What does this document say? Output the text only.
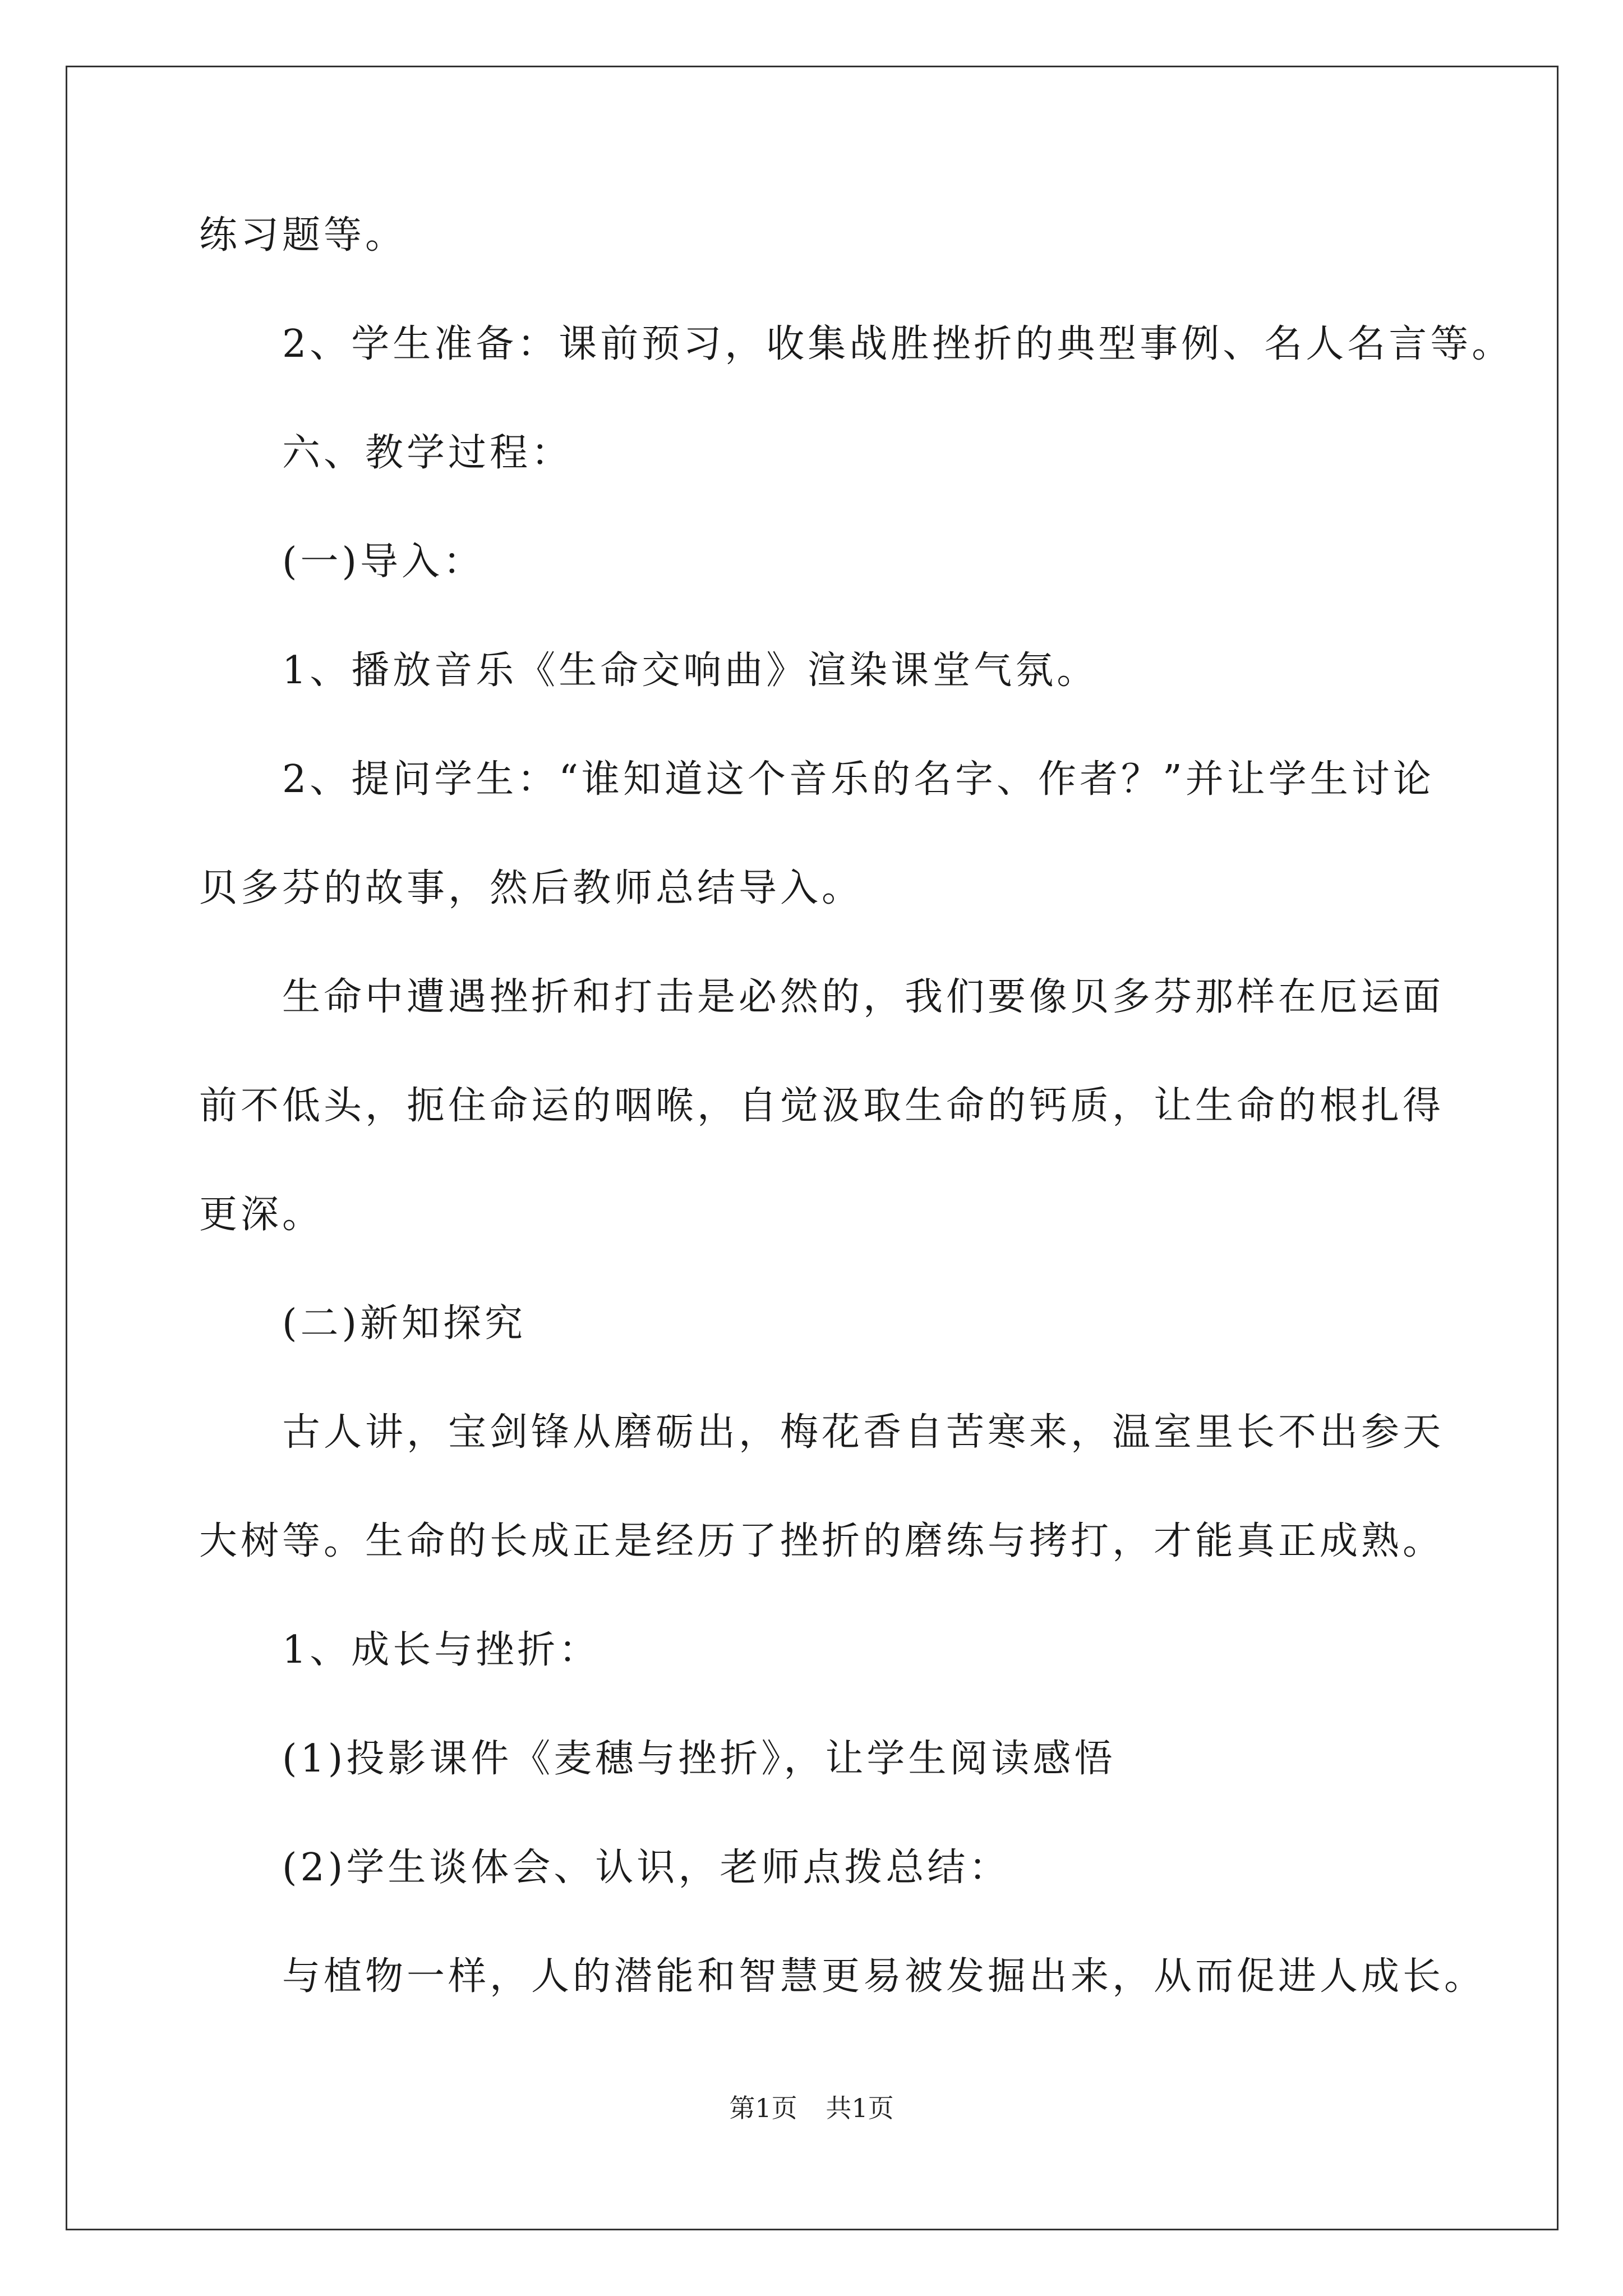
练习题等。
2、学生准备：课前预习，收集战胜挫折的典型事例、名人名言等。
六、教学过程：
(一)导入：
1、播放音乐《生命交响曲》渲染课堂气氛。
2、提问学生：“谁知道这个音乐的名字、作者？”并让学生讨论
贝多芬的故事，然后教师总结导入。
生命中遭遇挫折和打击是必然的，我们要像贝多芬那样在厄运面
前不低头，扼住命运的咽喉，自觉汲取生命的钙质，让生命的根扎得
更深。
(二)新知探究
古人讲，宝剑锋从磨砺出，梅花香自苦寒来，温室里长不出参天
大树等。生命的长成正是经历了挫折的磨练与拷打，才能真正成熟。
1、成长与挫折：
(1)投影课件《麦穗与挫折》，让学生阅读感悟
(2)学生谈体会、认识，老师点拨总结：
与植物一样，人的潜能和智慧更易被发掘出来，从而促进人成长。
第1页 共1页
